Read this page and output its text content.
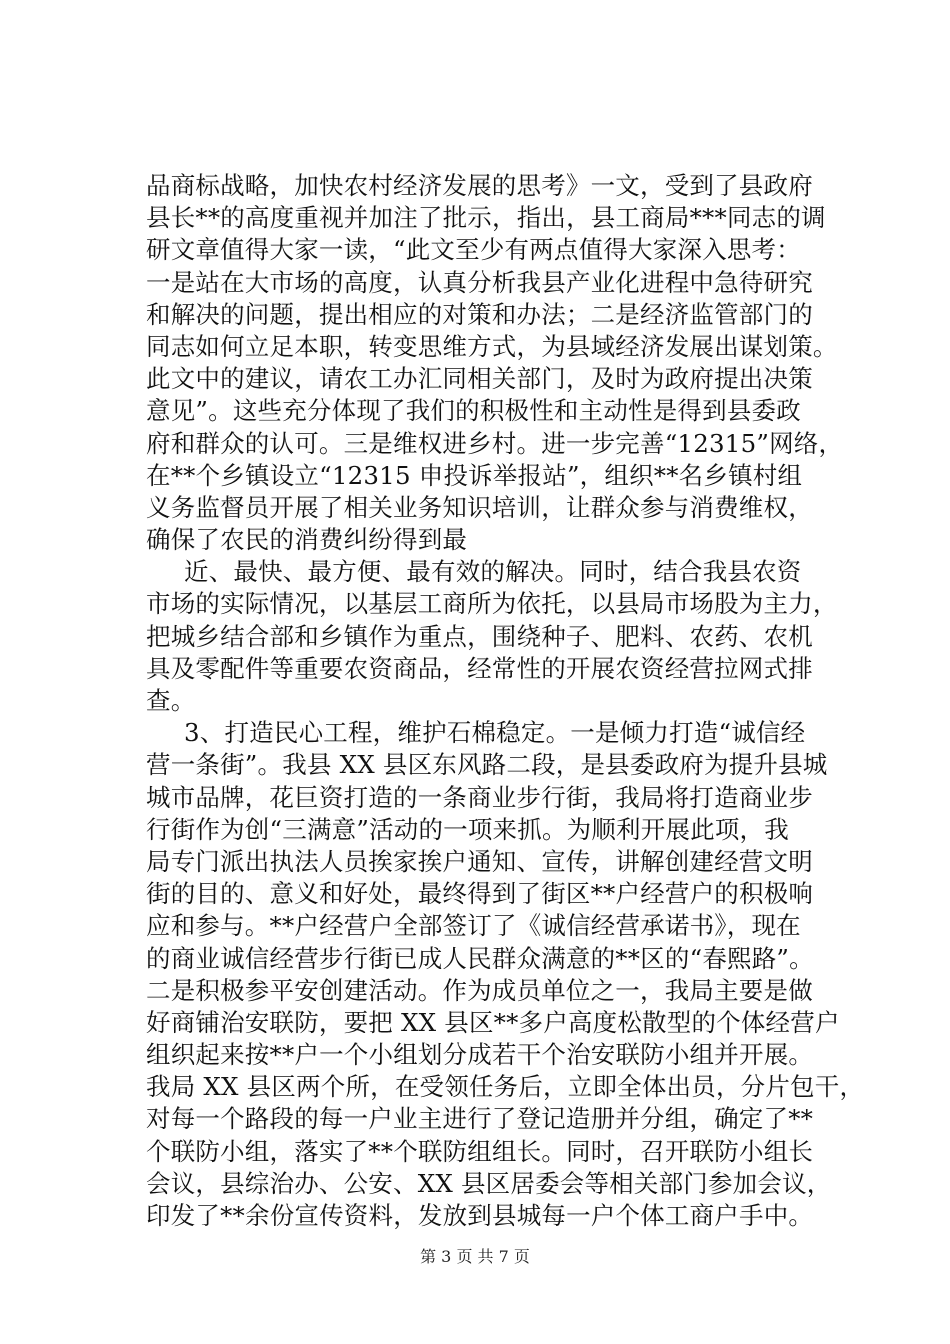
品商标战略，加快农村经济发展的思考》一文，受到了县政府
县长**的高度重视并加注了批示，指出，县工商局***同志的调
研文章值得大家一读，“此文至少有两点值得大家深入思考：
一是站在大市场的高度，认真分析我县产业化进程中急待研究
和解决的问题，提出相应的对策和办法；二是经济监管部门的
同志如何立足本职，转变思维方式，为县域经济发展出谋划策。
此文中的建议，请农工办汇同相关部门，及时为政府提出决策
意见”。这些充分体现了我们的积极性和主动性是得到县委政
府和群众的认可。三是维权进乡村。进一步完善“12315”网络，
在**个乡镇设立“12315 申投诉举报站”，组织**名乡镇村组
义务监督员开展了相关业务知识培训，让群众参与消费维权，
确保了农民的消费纠纷得到最
近、最快、最方便、最有效的解决。同时，结合我县农资
市场的实际情况，以基层工商所为依托，以县局市场股为主力，
把城乡结合部和乡镇作为重点，围绕种子、肥料、农药、农机
具及零配件等重要农资商品，经常性的开展农资经营拉网式排
查。
3、打造民心工程，维护石棉稳定。一是倾力打造“诚信经
营一条街”。我县 XX 县区东风路二段，是县委政府为提升县城
城市品牌，花巨资打造的一条商业步行街，我局将打造商业步
行街作为创“三满意”活动的一项来抓。为顺利开展此项，我
局专门派出执法人员挨家挨户通知、宣传，讲解创建经营文明
街的目的、意义和好处，最终得到了街区**户经营户的积极响
应和参与。**户经营户全部签订了《诚信经营承诺书》，现在
的商业诚信经营步行街已成人民群众满意的**区的“春熙路”。
二是积极参平安创建活动。作为成员单位之一，我局主要是做
好商铺治安联防，要把 XX 县区**多户高度松散型的个体经营户
组织起来按**户一个小组划分成若干个治安联防小组并开展。
我局 XX 县区两个所，在受领任务后，立即全体出员，分片包干，
对每一个路段的每一户业主进行了登记造册并分组，确定了**
个联防小组，落实了**个联防组组长。同时，召开联防小组长
会议，县综治办、公安、XX 县区居委会等相关部门参加会议，
印发了**余份宣传资料，发放到县城每一户个体工商户手中。
第 3 页 共 7 页
